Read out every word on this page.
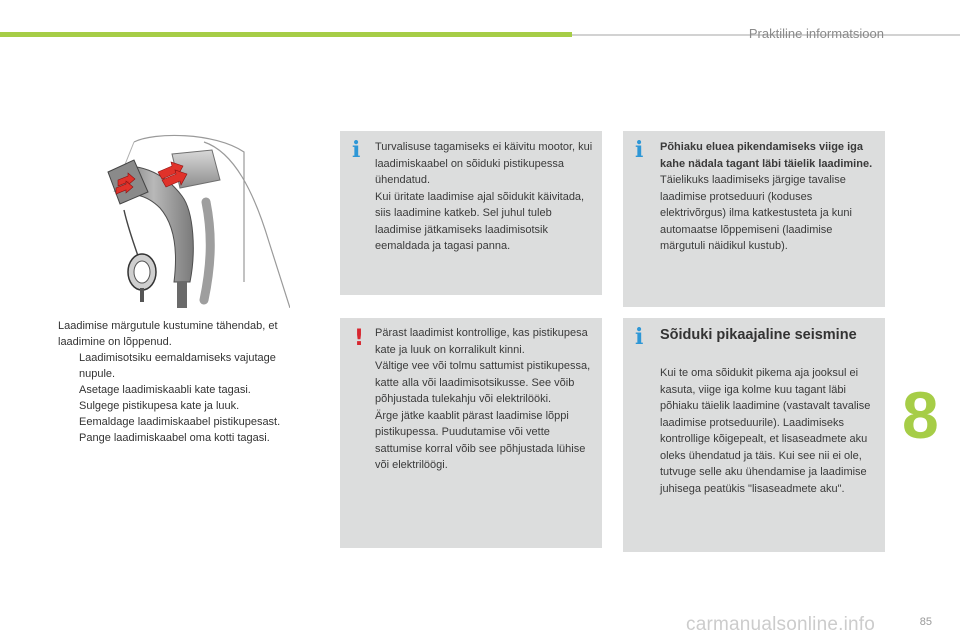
Praktiline informatsioon
Laadimise märgutule kustumine tähendab, et laadimine on lõppenud.
Laadimisotsiku eemaldamiseks vajutage nupule.
Asetage laadimiskaabli kate tagasi.
Sulgege pistikupesa kate ja luuk.
Eemaldage laadimiskaabel pistikupesast.
Pange laadimiskaabel oma kotti tagasi.
i Turvalisuse tagamiseks ei käivitu mootor, kui laadimiskaabel on sõiduki pistikupessa ühendatud.
Kui üritate laadimise ajal sõidukit käivitada, siis laadimine katkeb. Sel juhul tuleb laadimise jätkamiseks laadimisotsik eemaldada ja tagasi panna.
i Põhiaku eluea pikendamiseks viige iga kahe nädala tagant läbi täielik laadimine.
Täielikuks laadimiseks järgige tavalise laadimise protseduuri (koduses elektrivõrgus) ilma katkestusteta ja kuni automaatse lõppemiseni (laadimise märgutuli näidikul kustub).
! Pärast laadimist kontrollige, kas pistikupesa kate ja luuk on korralikult kinni.
Vältige vee või tolmu sattumist pistikupessa, katte alla või laadimisotsikusse. See võib põhjustada tulekahju või elektrilööki.
Ärge jätke kaablit pärast laadimise lõppi pistikupessa. Puudutamise või vette sattumise korral võib see põhjustada lühise või elektrilöögi.
i Sõiduki pikaajaline seismine
Kui te oma sõidukit pikema aja jooksul ei kasuta, viige iga kolme kuu tagant läbi põhiaku täielik laadimine (vastavalt tavalise laadimise protseduurile). Laadimiseks kontrollige kõigepealt, et lisaseadmete aku oleks ühendatud ja täis. Kui see nii ei ole, tutvuge selle aku ühendamise ja laadimise juhisega peatükis "lisaseadmete aku".
8
85
carmanualsonline.info
